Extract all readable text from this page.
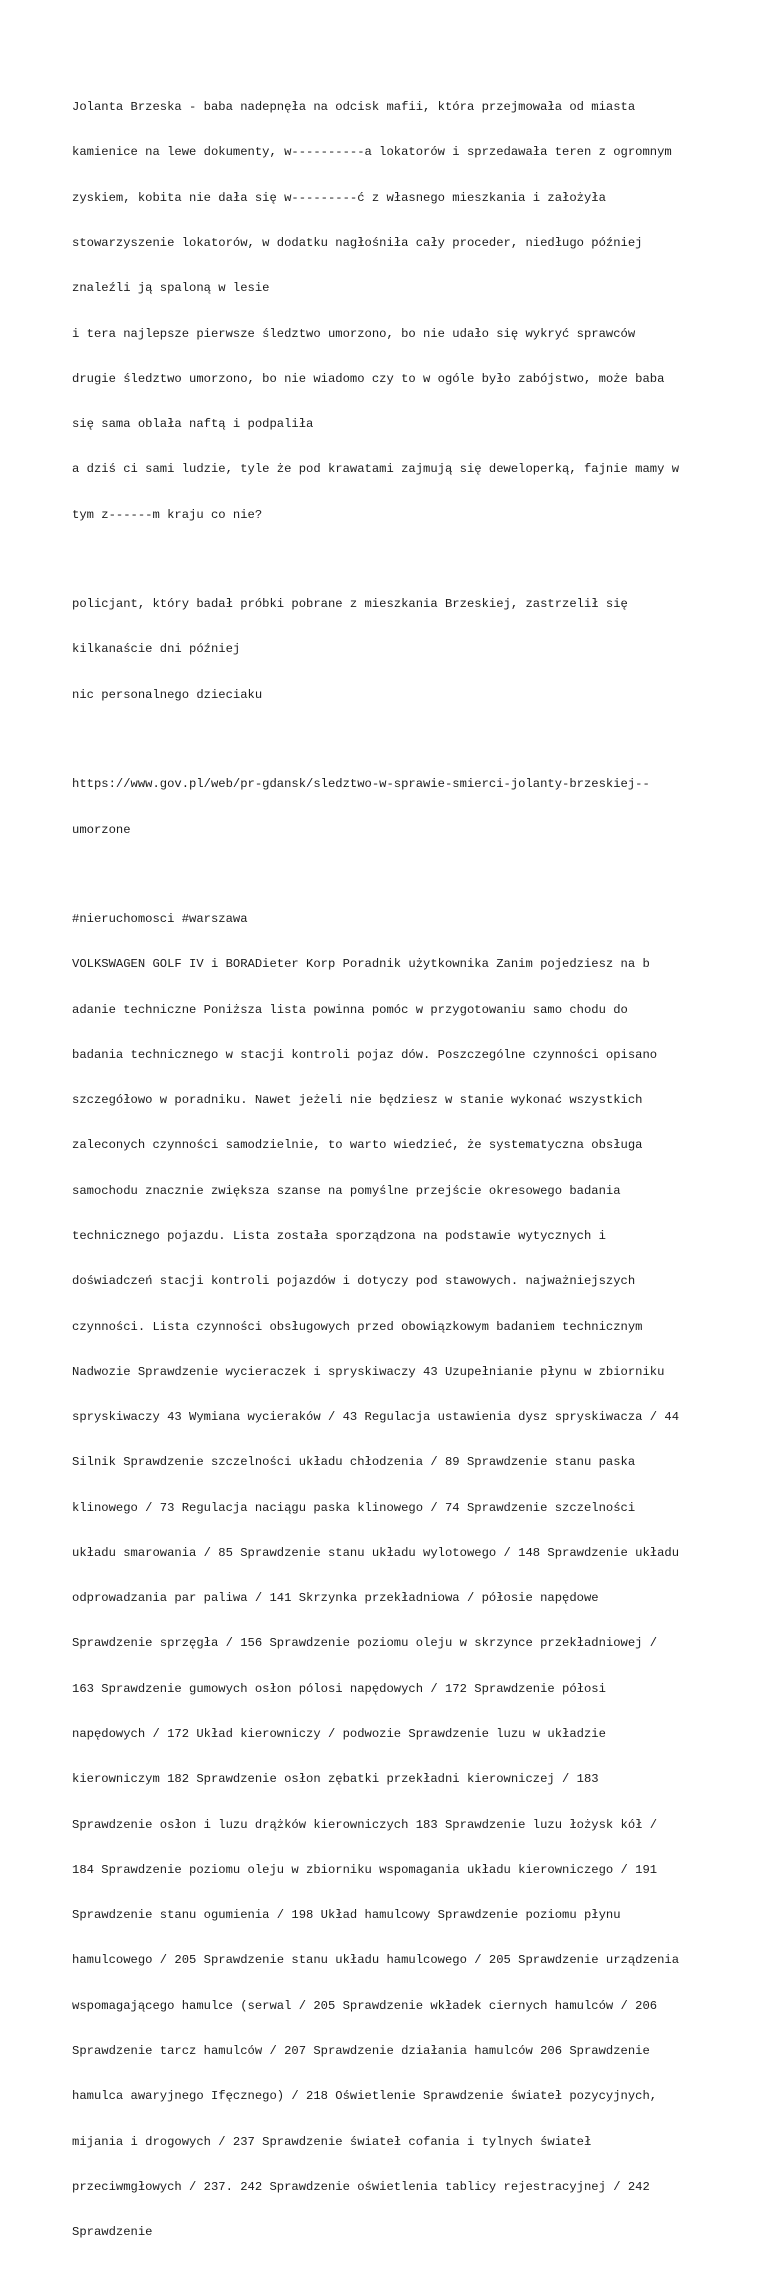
Jolanta Brzeska - baba nadepnęła na odcisk mafii, która przejmowała od miasta

kamienice na lewe dokumenty, w----------a lokatorów i sprzedawała teren z ogromnym

zyskiem, kobita nie dała się w---------ć z własnego mieszkania i założyła

stowarzyszenie lokatorów, w dodatku nagłośniła cały proceder, niedługo później

znaleźli ją spaloną w lesie

i tera najlepsze pierwsze śledztwo umorzono, bo nie udało się wykryć sprawców

drugie śledztwo umorzono, bo nie wiadomo czy to w ogóle było zabójstwo, może baba

się sama oblała naftą i podpaliła

a dziś ci sami ludzie, tyle że pod krawatami zajmują się deweloperką, fajnie mamy w

tym z------m kraju co nie?

policjant, który badał próbki pobrane z mieszkania Brzeskiej, zastrzelił się

kilkanaście dni później

nic personalnego dzieciaku

https://www.gov.pl/web/pr-gdansk/sledztwo-w-sprawie-smierci-jolanty-brzeskiej--

umorzone

#nieruchomosci #warszawa

VOLKSWAGEN GOLF IV i BORADieter Korp Poradnik użytkownika Zanim pojedziesz na b

adanie techniczne Poniższa lista powinna pomóc w przygotowaniu samo chodu do

badania technicznego w stacji kontroli pojaz dów. Poszczególne czynności opisano

szczegółowo w poradniku. Nawet jeżeli nie będziesz w stanie wykonać wszystkich

zaleconych czynności samodzielnie, to warto wiedzieć, że systematyczna obsługa

samochodu znacznie zwiększa szanse na pomyślne przejście okresowego badania

technicznego pojazdu. Lista została sporządzona na podstawie wytycznych i

doświadczeń stacji kontroli pojazdów i dotyczy pod stawowych. najważniejszych

czynności. Lista czynności obsługowych przed obowiązkowym badaniem technicznym

Nadwozie Sprawdzenie wycieraczek i spryskiwaczy 43 Uzupełnianie płynu w zbiorniku

spryskiwaczy 43 Wymiana wycieraków / 43 Regulacja ustawienia dysz spryskiwacza / 44

Silnik Sprawdzenie szczelności układu chłodzenia / 89 Sprawdzenie stanu paska

klinowego / 73 Regulacja naciągu paska klinowego / 74 Sprawdzenie szczelności

układu smarowania / 85 Sprawdzenie stanu układu wylotowego / 148 Sprawdzenie układu

odprowadzania par paliwa / 141 Skrzynka przekładniowa / półosie napędowe

Sprawdzenie sprzęgła / 156 Sprawdzenie poziomu oleju w skrzynce przekładniowej /

163 Sprawdzenie gumowych osłon pólosi napędowych / 172 Sprawdzenie półosi

napędowych / 172 Układ kierowniczy / podwozie Sprawdzenie luzu w układzie

kierowniczym 182 Sprawdzenie osłon zębatki przekładni kierowniczej / 183

Sprawdzenie osłon i luzu drążków kierowniczych 183 Sprawdzenie luzu łożysk kół /

184 Sprawdzenie poziomu oleju w zbiorniku wspomagania układu kierowniczego / 191

Sprawdzenie stanu ogumienia / 198 Układ hamulcowy Sprawdzenie poziomu płynu

hamulcowego / 205 Sprawdzenie stanu układu hamulcowego / 205 Sprawdzenie urządzenia

wspomagającego hamulce (serwal / 205 Sprawdzenie wkładek ciernych hamulców / 206

Sprawdzenie tarcz hamulców / 207 Sprawdzenie działania hamulców 206 Sprawdzenie

hamulca awaryjnego Ifęcznego) / 218 Oświetlenie Sprawdzenie świateł pozycyjnych,

mijania i drogowych / 237 Sprawdzenie świateł cofania i tylnych świateł

przeciwmgłowych / 237. 242 Sprawdzenie oświetlenia tablicy rejestracyjnej / 242

Sprawdzenie
